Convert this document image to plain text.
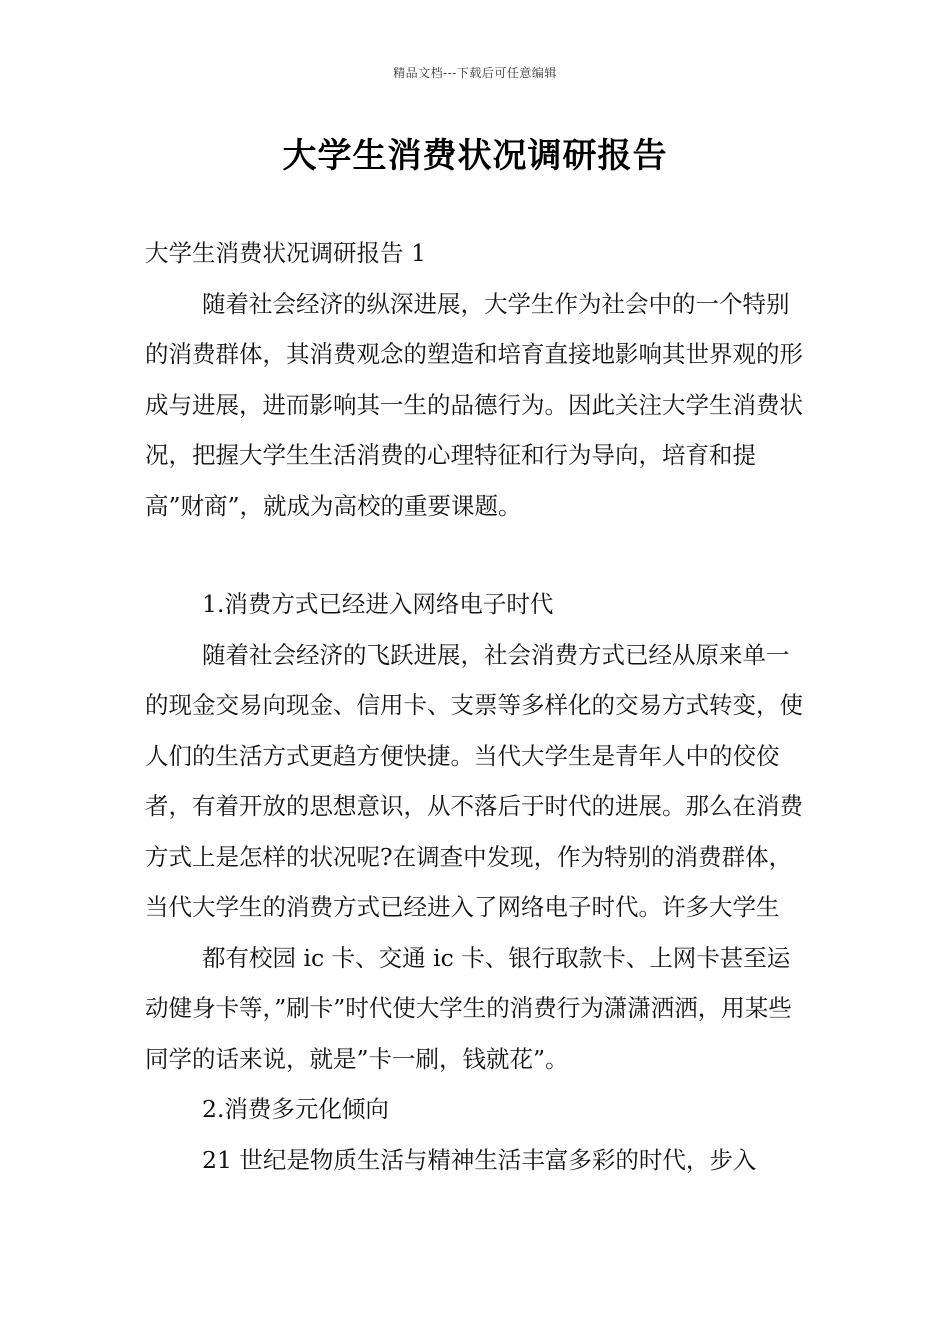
精品文档---下载后可任意编辑
大学生消费状况调研报告

大学生消费状况调研报告 1

随着社会经济的纵深进展，大学生作为社会中的一个特别的消费群体，其消费观念的塑造和培育直接地影响其世界观的形成与进展，进而影响其一生的品德行为。因此关注大学生消费状况，把握大学生生活消费的心理特征和行为导向，培育和提高”财商”，就成为高校的重要课题。

1.消费方式已经进入网络电子时代

随着社会经济的飞跃进展，社会消费方式已经从原来单一的现金交易向现金、信用卡、支票等多样化的交易方式转变，使人们的生活方式更趋方便快捷。当代大学生是青年人中的佼佼者，有着开放的思想意识，从不落后于时代的进展。那么在消费方式上是怎样的状况呢?在调查中发现，作为特别的消费群体，当代大学生的消费方式已经进入了网络电子时代。许多大学生

都有校园 ic 卡、交通 ic 卡、银行取款卡、上网卡甚至运动健身卡等，”刷卡”时代使大学生的消费行为潇潇洒洒，用某些同学的话来说，就是”卡一刷，钱就花”。

2.消费多元化倾向

21 世纪是物质生活与精神生活丰富多彩的时代，步入
